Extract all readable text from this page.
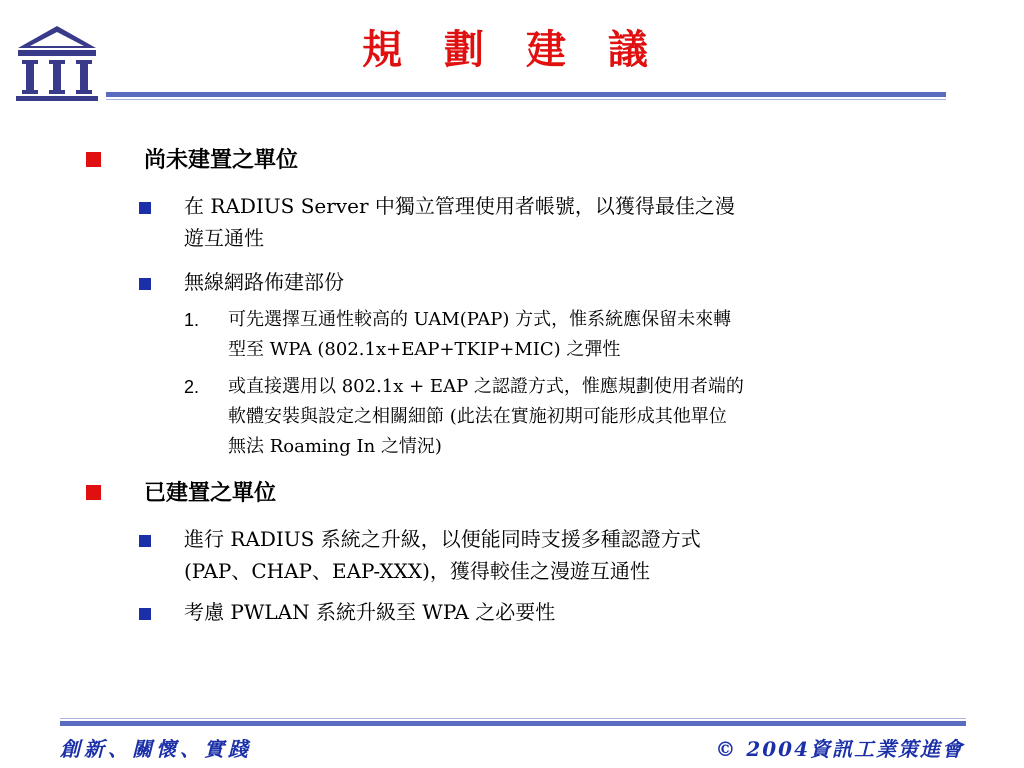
規 劃 建 議
尚未建置之單位
在 RADIUS Server 中獨立管理使用者帳號，以獲得最佳之漫
遊互通性
無線網路佈建部份
1. 可先選擇互通性較高的 UAM(PAP) 方式，惟系統應保留未來轉
型至 WPA (802.1x+EAP+TKIP+MIC) 之彈性
2. 或直接選用以 802.1x + EAP 之認證方式，惟應規劃使用者端的
軟體安裝與設定之相關細節 (此法在實施初期可能形成其他單位
無法 Roaming In 之情況)
已建置之單位
進行 RADIUS 系統之升級，以便能同時支援多種認證方式
(PAP、CHAP、EAP-XXX)，獲得較佳之漫遊互通性
考慮 PWLAN 系統升級至 WPA 之必要性
創新、關懷、實踐	© 2004資訊工業策進會
